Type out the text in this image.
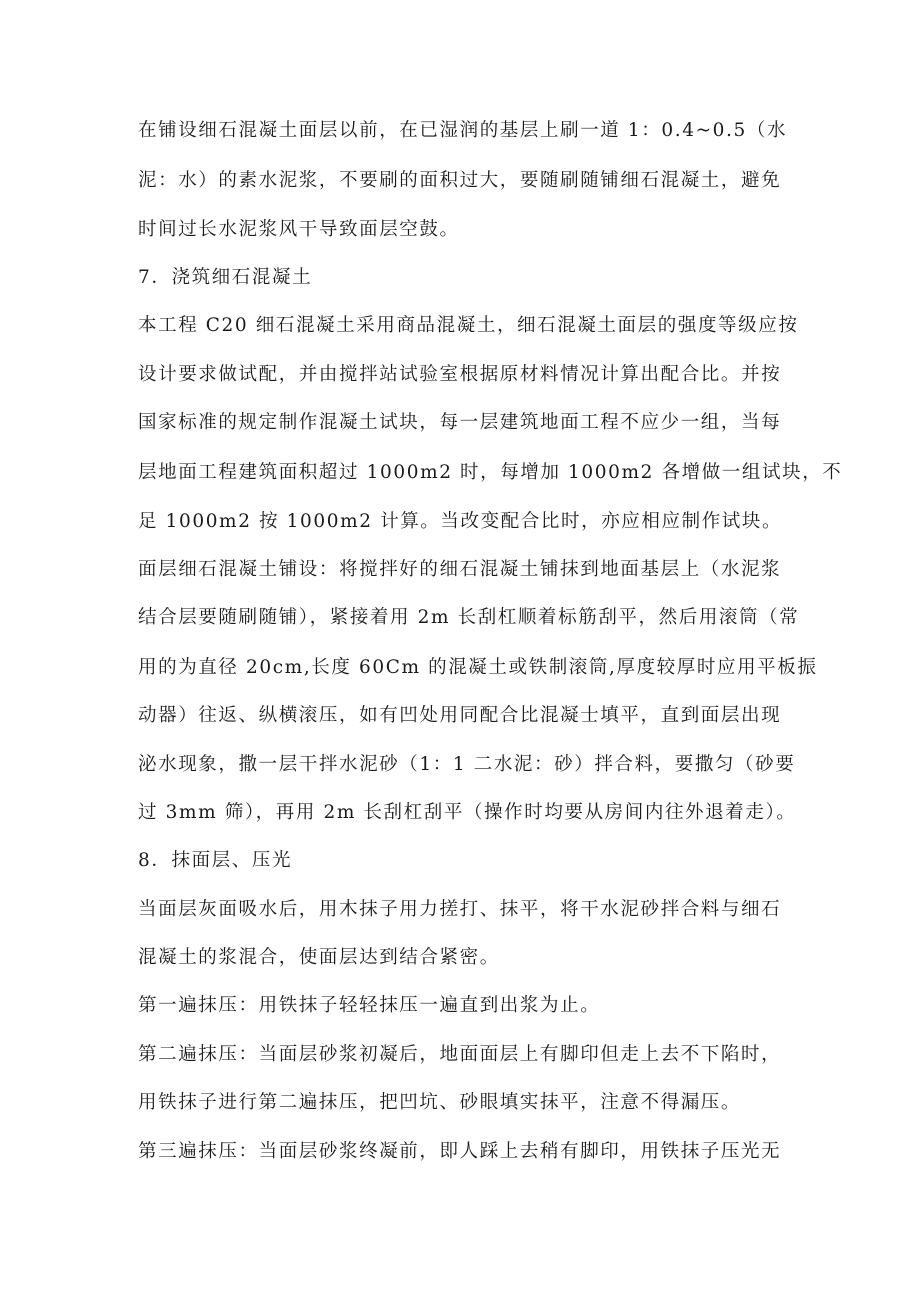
在铺设细石混凝土面层以前，在已湿润的基层上刷一道 1：0.4~0.5（水
泥：水）的素水泥浆，不要刷的面积过大，要随刷随铺细石混凝土，避免
时间过长水泥浆风干导致面层空鼓。
7．浇筑细石混凝土
本工程 C20 细石混凝土采用商品混凝土，细石混凝土面层的强度等级应按
设计要求做试配，并由搅拌站试验室根据原材料情况计算出配合比。并按
国家标准的规定制作混凝土试块，每一层建筑地面工程不应少一组，当每
层地面工程建筑面积超过 1000m2 时，每增加 1000m2 各增做一组试块，不
足 1000m2 按 1000m2 计算。当改变配合比时，亦应相应制作试块。
面层细石混凝土铺设：将搅拌好的细石混凝土铺抹到地面基层上（水泥浆
结合层要随刷随铺），紧接着用 2m 长刮杠顺着标筋刮平，然后用滚筒（常
用的为直径 20cm,长度 60Cm 的混凝土或铁制滚筒,厚度较厚时应用平板振
动器）往返、纵横滚压，如有凹处用同配合比混凝士填平，直到面层出现
泌水现象，撒一层干拌水泥砂（1：1 二水泥：砂）拌合料，要撒匀（砂要
过 3mm 筛），再用 2m 长刮杠刮平（操作时均要从房间内往外退着走）。
8．抹面层、压光
当面层灰面吸水后，用木抹子用力搓打、抹平，将干水泥砂拌合料与细石
混凝土的浆混合，使面层达到结合紧密。
第一遍抹压：用铁抹子轻轻抹压一遍直到出浆为止。
第二遍抹压：当面层砂浆初凝后，地面面层上有脚印但走上去不下陷时，
用铁抹子进行第二遍抹压，把凹坑、砂眼填实抹平，注意不得漏压。
第三遍抹压：当面层砂浆终凝前，即人踩上去稍有脚印，用铁抹子压光无
